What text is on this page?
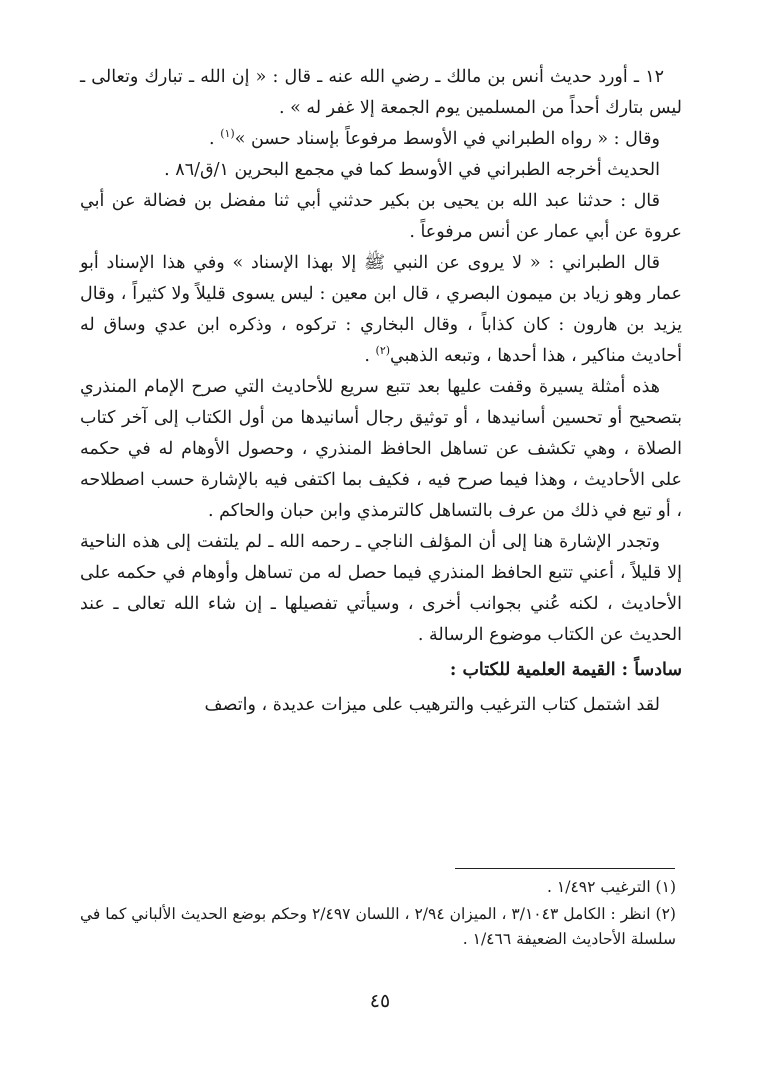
١٢ ـ أورد حديث أنس بن مالك ـ رضي الله عنه ـ قال : « إن الله ـ تبارك وتعالى ـ ليس بتارك أحداً من المسلمين يوم الجمعة إلا غفر له » .

وقال : « رواه الطبراني في الأوسط مرفوعاً بإسناد حسن »$^{(١)}$ .

الحديث أخرجه الطبراني في الأوسط كما في مجمع البحرين ١/ق/٨٦ .

قال : حدثنا عبد الله بن يحيى بن بكير حدثني أبي ثنا مفضل بن فضالة عن أبي عروة عن أبي عمار عن أنس مرفوعاً .

قال الطبراني : « لا يروى عن النبي ﷺ إلا بهذا الإسناد » وفي هذا الإسناد أبو عمار وهو زياد بن ميمون البصري ، قال ابن معين : ليس يسوى قليلاً ولا كثيراً ، وقال يزيد بن هارون : كان كذاباً ، وقال البخاري : تركوه ، وذكره ابن عدي وساق له أحاديث مناكير ، هذا أحدها ، وتبعه الذهبي$^{(٢)}$ .

هذه أمثلة يسيرة وقفت عليها بعد تتبع سريع للأحاديث التي صرح الإمام المنذري بتصحيح أو تحسين أسانيدها ، أو توثيق رجال أسانيدها من أول الكتاب إلى آخر كتاب الصلاة ، وهي تكشف عن تساهل الحافظ المنذري ، وحصول الأوهام له في حكمه على الأحاديث ، وهذا فيما صرح فيه ، فكيف بما اكتفى فيه بالإشارة حسب اصطلاحه ، أو تبع في ذلك من عرف بالتساهل كالترمذي وابن حبان والحاكم .

وتجدر الإشارة هنا إلى أن المؤلف الناجي ـ رحمه الله ـ لم يلتفت إلى هذه الناحية إلا قليلاً ، أعني تتبع الحافظ المنذري فيما حصل له من تساهل وأوهام في حكمه على الأحاديث ، لكنه عُني بجوانب أخرى ، وسيأتي تفصيلها ـ إن شاء الله تعالى ـ عند الحديث عن الكتاب موضوع الرسالة .

سادساً : القيمة العلمية للكتاب :

لقد اشتمل كتاب الترغيب والترهيب على ميزات عديدة ، واتصف

(١) الترغيب ١/٤٩٢ .

(٢) انظر : الكامل ٣/١٠٤٣ ، الميزان ٢/٩٤ ، اللسان ٢/٤٩٧ وحكم بوضع الحديث الألباني كما في سلسلة الأحاديث الضعيفة ١/٤٦٦ .

٤٥
